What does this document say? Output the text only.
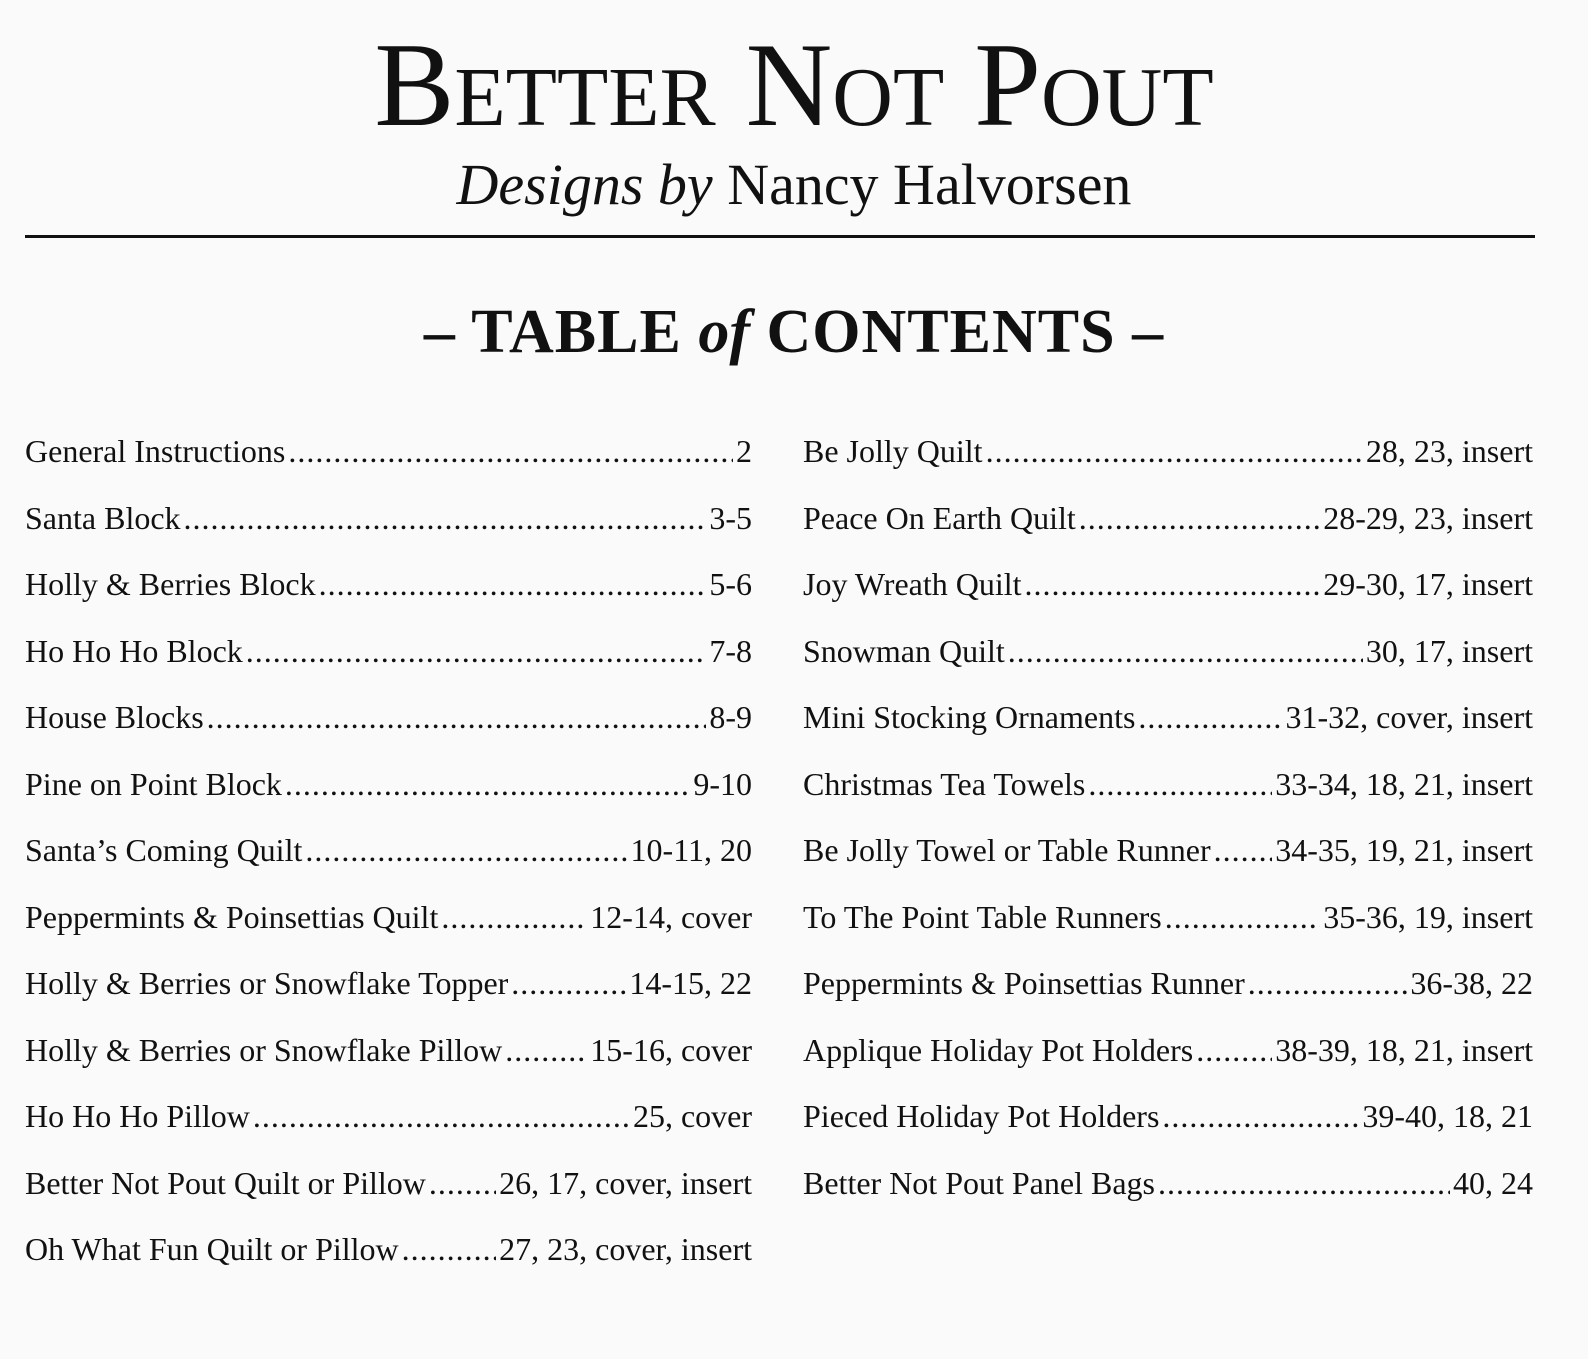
Better Not Pout

Designs by Nancy Halvorsen

– TABLE of CONTENTS –
General Instructions .....	2
Santa Block .....	3-5
Holly & Berries Block .....	5-6
Ho Ho Ho Block .....	7-8
House Blocks .....	8-9
Pine on Point Block .....	9-10
Santa’s Coming Quilt .....	10-11, 20
Peppermints & Poinsettias Quilt .....	12-14, cover
Holly & Berries or Snowflake Topper .....	14-15, 22
Holly & Berries or Snowflake Pillow .....	15-16, cover
Ho Ho Ho Pillow .....	25, cover
Better Not Pout Quilt or Pillow ..... 26, 17, cover, insert
Oh What Fun Quilt or Pillow .....	27, 23, cover, insert
Be Jolly Quilt .....	28, 23, insert
Peace On Earth Quilt .....	28-29, 23, insert
Joy Wreath Quilt .....	29-30, 17, insert
Snowman Quilt .....	30, 17, insert
Mini Stocking Ornaments .....	31-32, cover, insert
Christmas Tea Towels .....	33-34, 18, 21, insert
Be Jolly Towel or Table Runner ..... 34-35, 19, 21, insert
To The Point Table Runners .....	35-36, 19, insert
Peppermints & Poinsettias Runner .....	36-38, 22
Applique Holiday Pot Holders .....	38-39, 18, 21, insert
Pieced Holiday Pot Holders .....	39-40, 18, 21
Better Not Pout Panel Bags .....	40, 24
